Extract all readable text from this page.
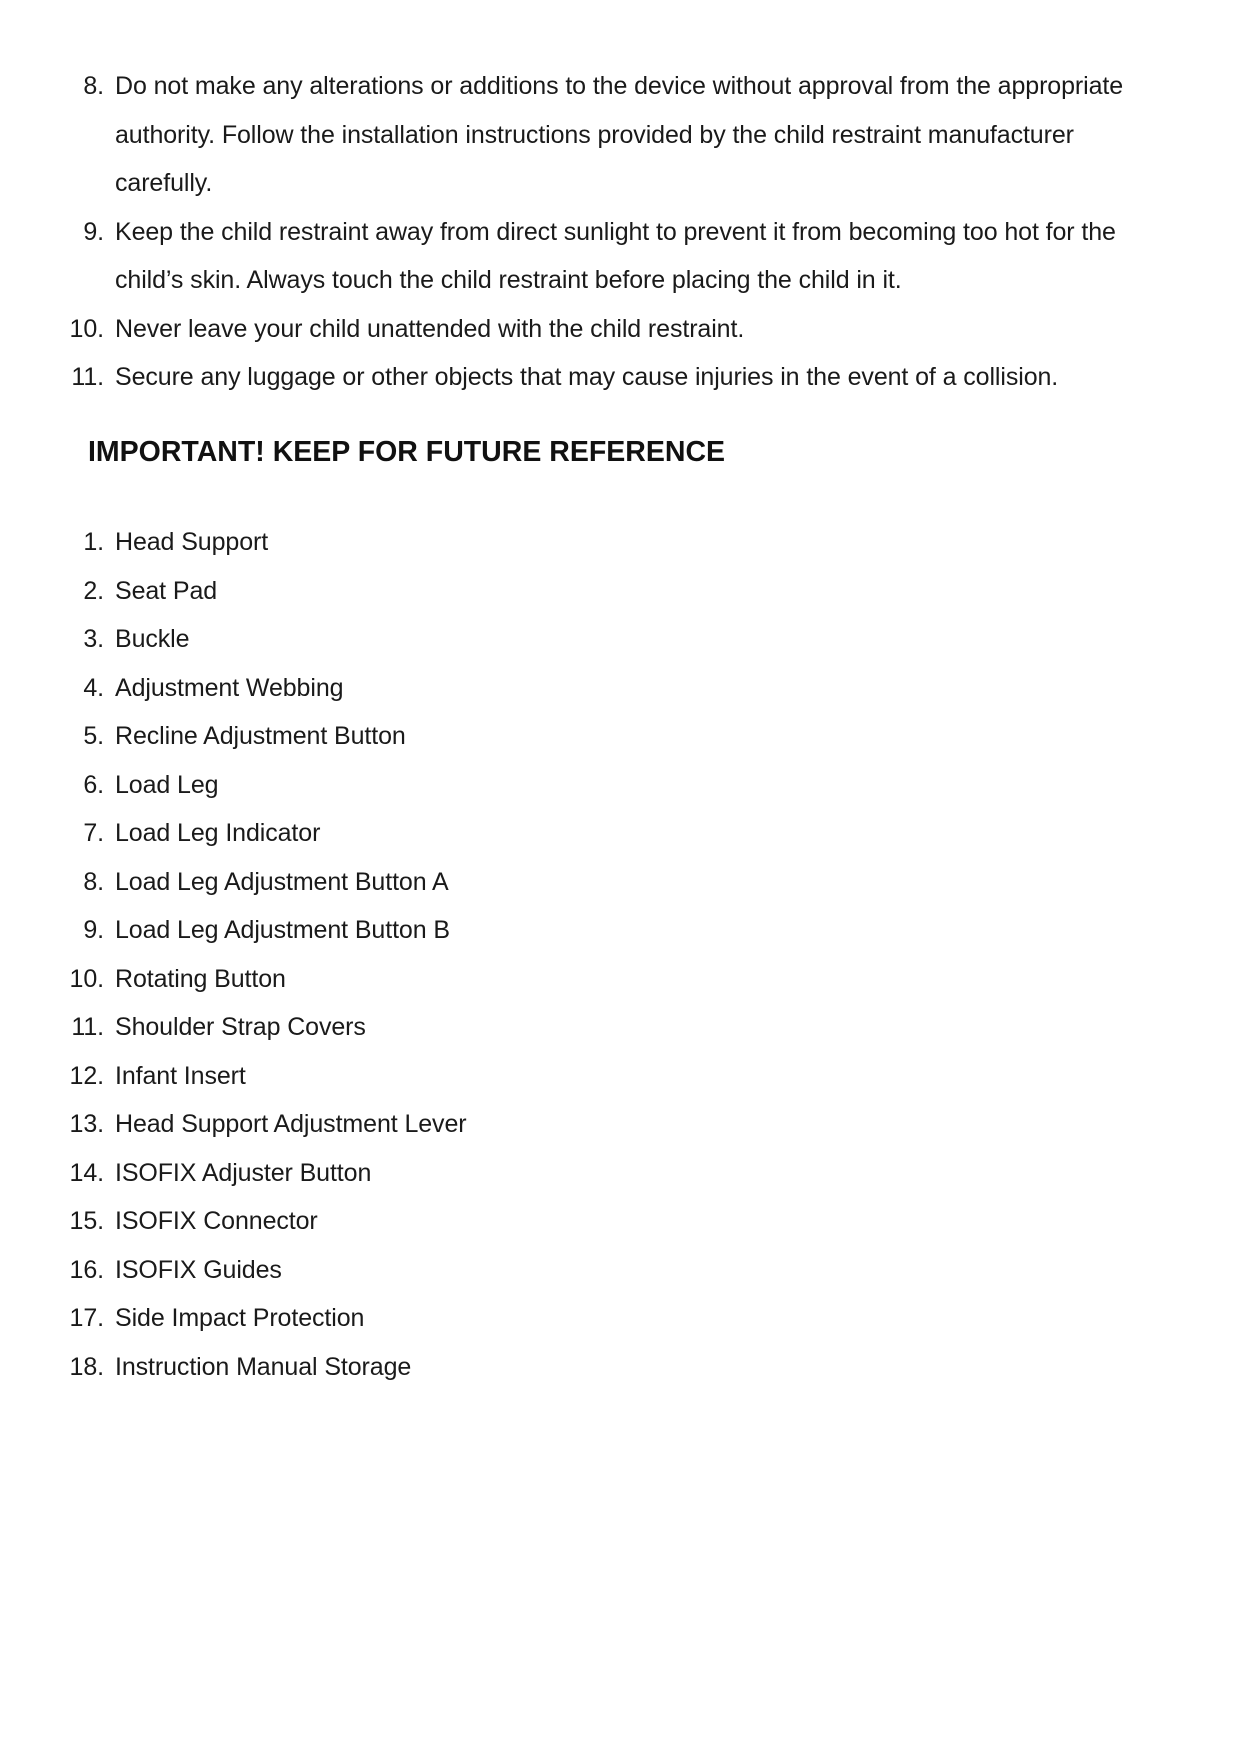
8. Do not make any alterations or additions to the device without approval from the appropriate authority. Follow the installation instructions provided by the child restraint manufacturer carefully.
9. Keep the child restraint away from direct sunlight to prevent it from becoming too hot for the child’s skin. Always touch the child restraint before placing the child in it.
10. Never leave your child unattended with the child restraint.
11. Secure any luggage or other objects that may cause injuries in the event of a collision.
IMPORTANT! KEEP FOR FUTURE REFERENCE
1. Head Support
2. Seat Pad
3. Buckle
4. Adjustment Webbing
5. Recline Adjustment Button
6. Load Leg
7. Load Leg Indicator
8. Load Leg Adjustment Button A
9. Load Leg Adjustment Button B
10. Rotating Button
11. Shoulder Strap Covers
12. Infant Insert
13. Head Support Adjustment Lever
14. ISOFIX Adjuster Button
15. ISOFIX Connector
16. ISOFIX Guides
17. Side Impact Protection
18. Instruction Manual Storage
